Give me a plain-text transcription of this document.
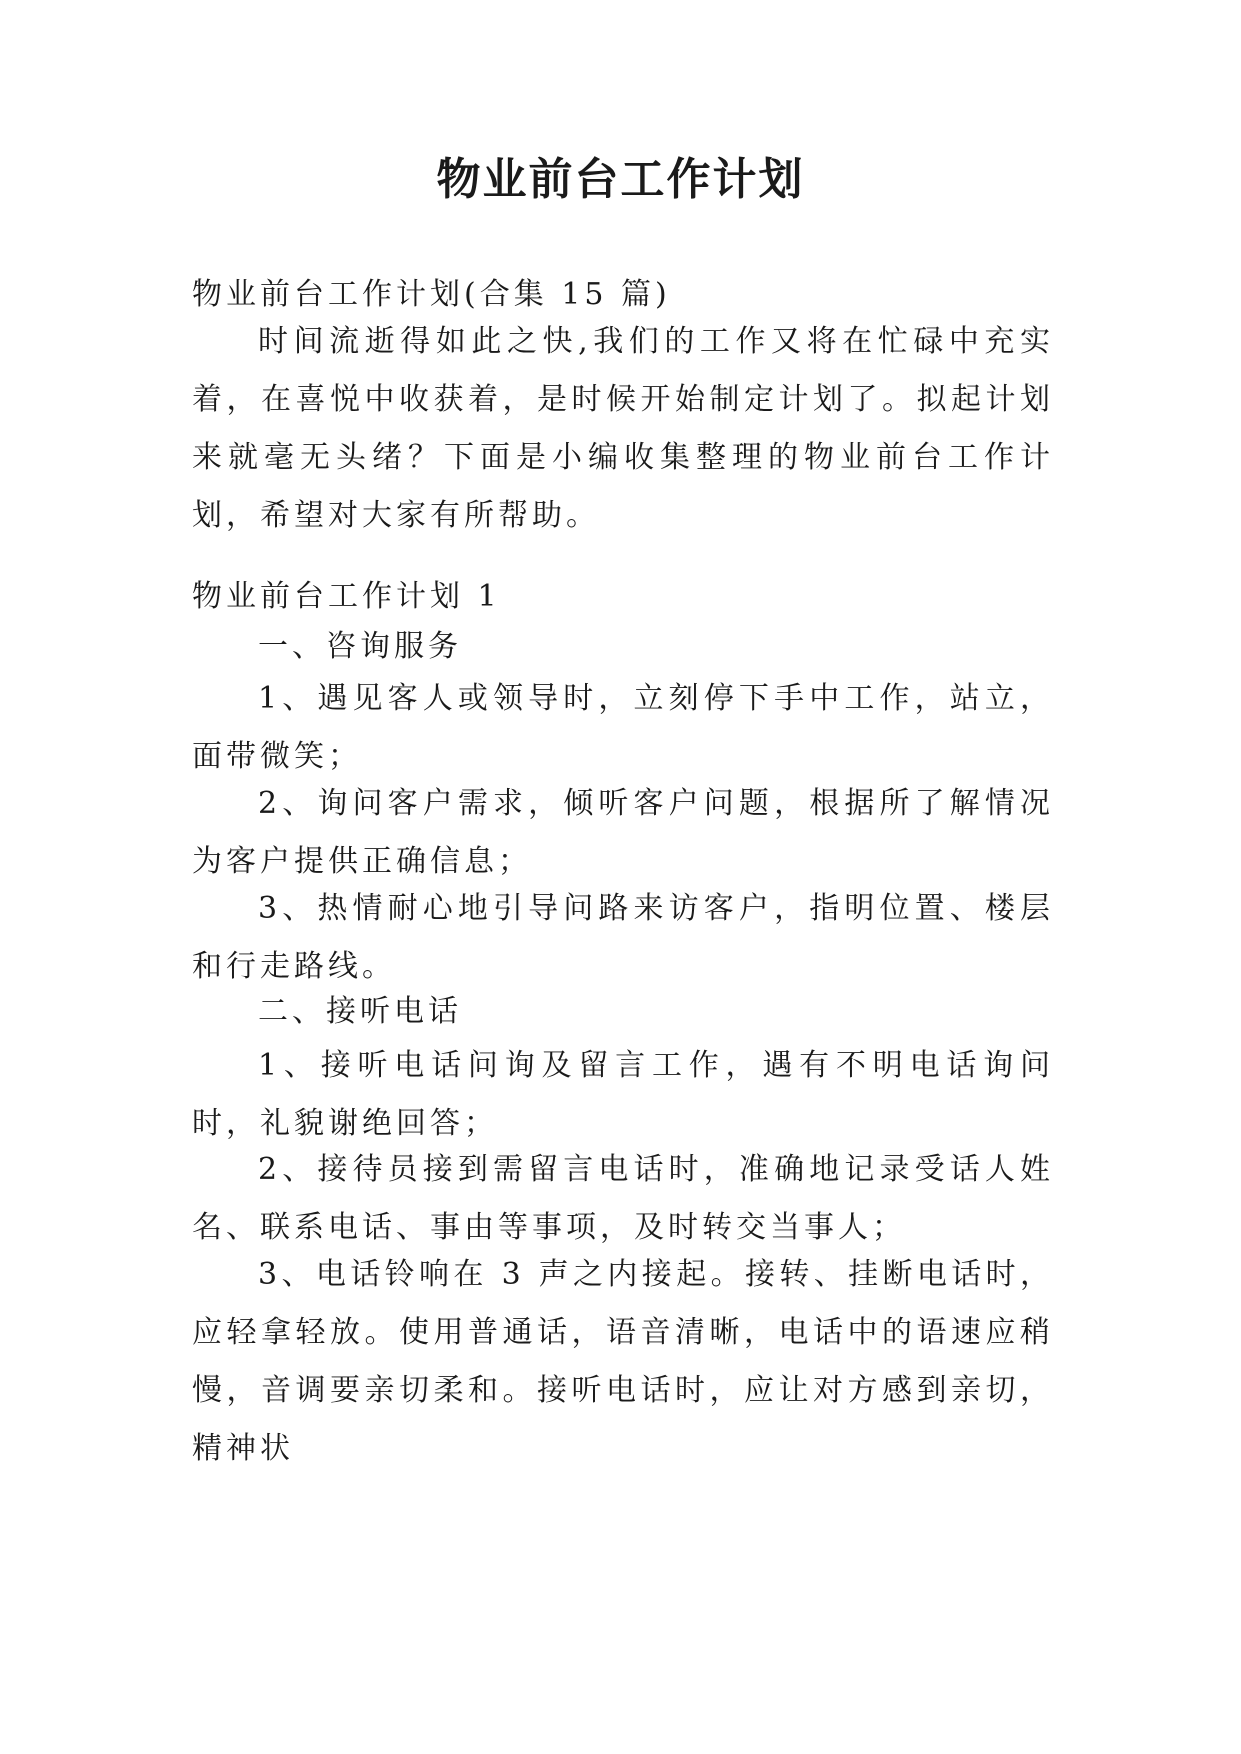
物业前台工作计划
物业前台工作计划(合集 15 篇)
时间流逝得如此之快,我们的工作又将在忙碌中充实着，在喜悦中收获着，是时候开始制定计划了。拟起计划来就毫无头绪？下面是小编收集整理的物业前台工作计划，希望对大家有所帮助。
物业前台工作计划 1
一、咨询服务
1、遇见客人或领导时，立刻停下手中工作，站立，面带微笑；
2、询问客户需求，倾听客户问题，根据所了解情况为客户提供正确信息；
3、热情耐心地引导问路来访客户，指明位置、楼层和行走路线。
二、接听电话
1、接听电话问询及留言工作，遇有不明电话询问时，礼貌谢绝回答；
2、接待员接到需留言电话时，准确地记录受话人姓名、联系电话、事由等事项，及时转交当事人；
3、电话铃响在 3 声之内接起。接转、挂断电话时，应轻拿轻放。使用普通话，语音清晰，电话中的语速应稍慢，音调要亲切柔和。接听电话时，应让对方感到亲切，精神状
